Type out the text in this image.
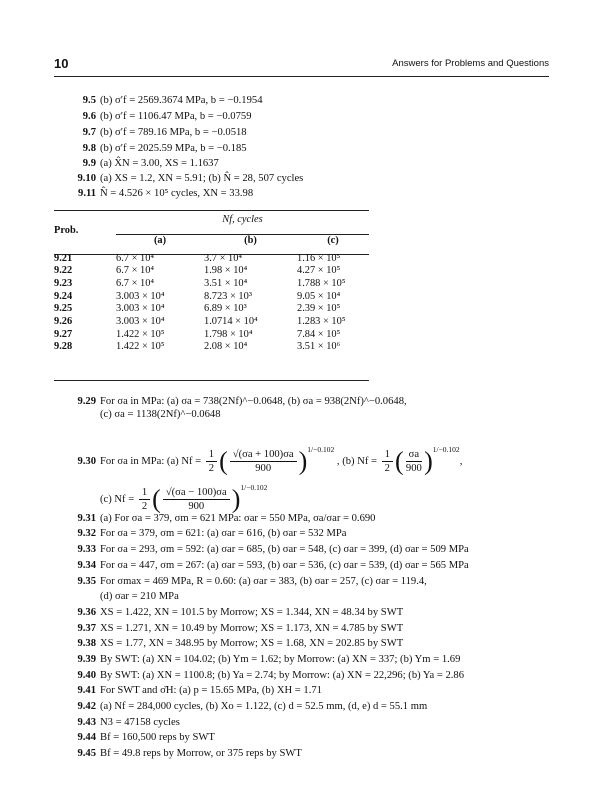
10	Answers for Problems and Questions
9.5 (b) σ′f = 2569.3674 MPa, b = −0.1954
9.6 (b) σ′f = 1106.47 MPa, b = −0.0759
9.7 (b) σ′f = 789.16 MPa, b = −0.0518
9.8 (b) σ′f = 2025.59 MPa, b = −0.185
9.9 (a) X̂N = 3.00, XS = 1.1637
9.10 (a) XS = 1.2, XN = 5.91; (b) N̂ = 28, 507 cycles
9.11 N̂ = 4.526 × 10⁵ cycles, XN = 33.98
Prob.	Nf, cycles		
	(a)	(b)	(c)
9.21	6.7 × 10⁴	3.7 × 10⁴	1.16 × 10⁵
9.22	6.7 × 10⁴	1.98 × 10⁴	4.27 × 10⁵
9.23	6.7 × 10⁴	3.51 × 10⁴	1.788 × 10⁵
9.24	3.003 × 10⁴	8.723 × 10³	9.05 × 10⁴
9.25	3.003 × 10⁴	6.89 × 10³	2.39 × 10⁵
9.26	3.003 × 10⁴	1.0714 × 10⁴	1.283 × 10⁵
9.27	1.422 × 10⁵	1.798 × 10⁴	7.84 × 10⁵
9.28	1.422 × 10⁵	2.08 × 10⁴	3.51 × 10⁶
9.29 For σa in MPa: (a) σa = 738(2Nf)^−0.0648, (b) σa = 938(2Nf)^−0.0648,
(c) σa = 1138(2Nf)^−0.0648
9.30 For σa in MPa: (a) $Nf = \frac{1}{2}$ ( $\frac{√(\sigma a + 100)\sigma a}{900} )^{1/-0.102}$ , (b) $Nf = \frac{1}{2}$ ( $\frac{\sigma a}{900} )^{1/-0.102}$,
(c) $Nf = \frac{1}{2}$ ( $\frac{√(\sigma a - 100)\sigma a}{900} )^{1/-0.102}$
9.31 (a) For σa = 379, σm = 621 MPa: σar = 550 MPa, σa/σar = 0.690
9.32 For σa = 379, σm = 621: (a) σar = 616, (b) σar = 532 MPa
9.33 For σa = 293, σm = 592: (a) σar = 685, (b) σar = 548, (c) σar = 399, (d) σar = 509 MPa
9.34 For σa = 447, σm = 267: (a) σar = 593, (b) σar = 536, (c) σar = 539, (d) σar = 565 MPa
9.35 For σmax = 469 MPa, R = 0.60: (a) σar = 383, (b) σar = 257, (c) σar = 119.4,
(d) σar = 210 MPa
9.36 XS = 1.422, XN = 101.5 by Morrow; XS = 1.344, XN = 48.34 by SWT
9.37 XS = 1.271, XN = 10.49 by Morrow; XS = 1.173, XN = 4.785 by SWT
9.38 XS = 1.77, XN = 348.95 by Morrow; XS = 1.68, XN = 202.85 by SWT
9.39 By SWT: (a) XN = 104.02; (b) Ym = 1.62; by Morrow: (a) XN = 337; (b) Ym = 1.69
9.40 By SWT: (a) XN = 1100.8; (b) Ya = 2.74; by Morrow: (a) XN = 22,296; (b) Ya = 2.86
9.41 For SWT and σ̄H: (a) p = 15.65 MPa, (b) XH = 1.71
9.42 (a) Nf = 284,000 cycles, (b) Xo = 1.122, (c) d = 52.5 mm, (d, e) d = 55.1 mm
9.43 N3 = 47158 cycles
9.44 Bf = 160,500 reps by SWT
9.45 Bf = 49.8 reps by Morrow, or 375 reps by SWT
